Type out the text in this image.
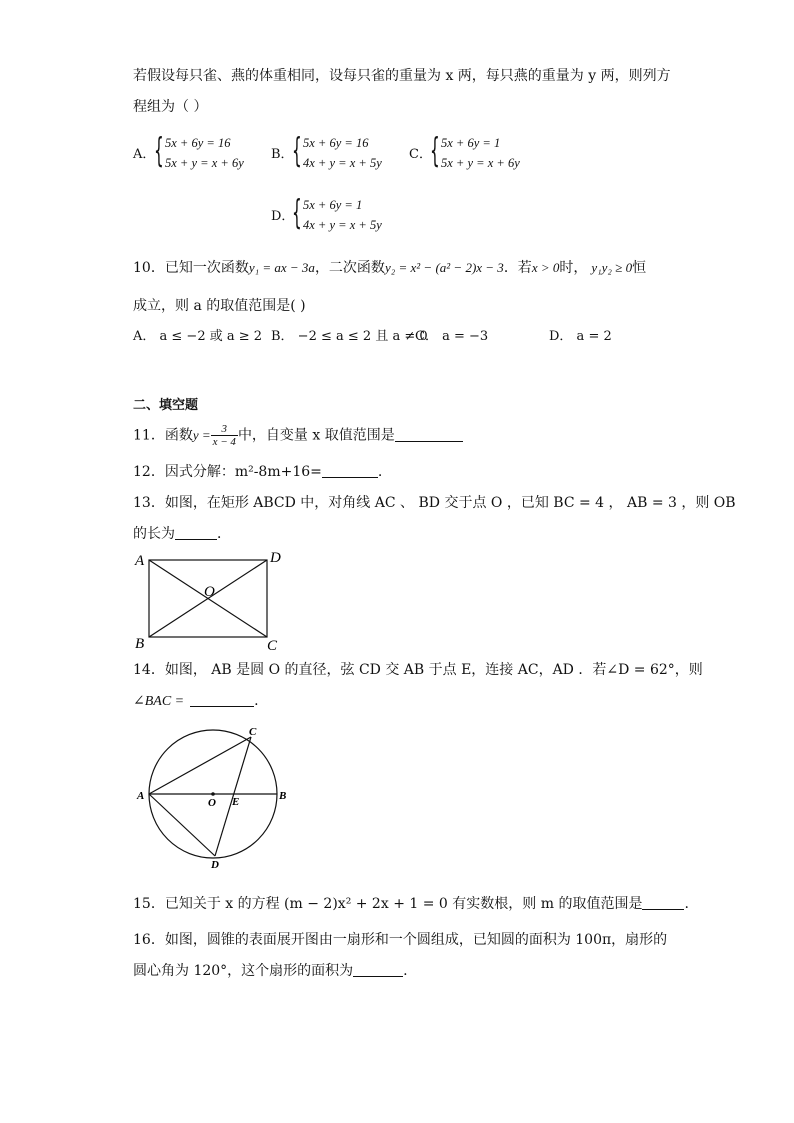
若假设每只雀、燕的体重相同，设每只雀的重量为 x 两，每只燕的重量为 y 两，则列方
程组为（ ）
A．
{ 5x + 6y = 16
5x + y = x + 6y
B．
{ 5x + 6y = 16
4x + y = x + 5y
C．
{ 5x + 6y = 1
5x + y = x + 6y
D．
{ 5x + 6y = 1
4x + y = x + 5y
10．已知一次函数y₁ = ax − 3a，二次函数y₂ = x² − (a² − 2)x − 3．若x > 0时， y₁y₂ ≥ 0恒
成立，则 a 的取值范围是( )
A． a ≤ −2 或 a ≥ 2 B． −2 ≤ a ≤ 2 且 a ≠ 0
C． a = −3	D． a = 2
二、填空题
11．函数$y = \frac{3}{x - 4}$ 中，自变量 x 取值范围是
12．因式分解：m²-8m+16=	.
13．如图，在矩形 ABCD 中，对角线 AC 、 BD 交于点 O ，已知 BC = 4 ， AB = 3 ，则 OB
的长为	．
A	D
B	C
O
14．如图， AB 是圆 O 的直径，弦 CD 交 AB 于点 E，连接 AC，AD ．若∠D = 62°，则
∠BAC =	.
A	B
C
D
O E
15．已知关于 x 的方程 (m − 2)x² + 2x + 1 = 0 有实数根，则 m 的取值范围是	.
16．如图，圆锥的表面展开图由一扇形和一个圆组成，已知圆的面积为 100π，扇形的
圆心角为 120°，这个扇形的面积为	.
